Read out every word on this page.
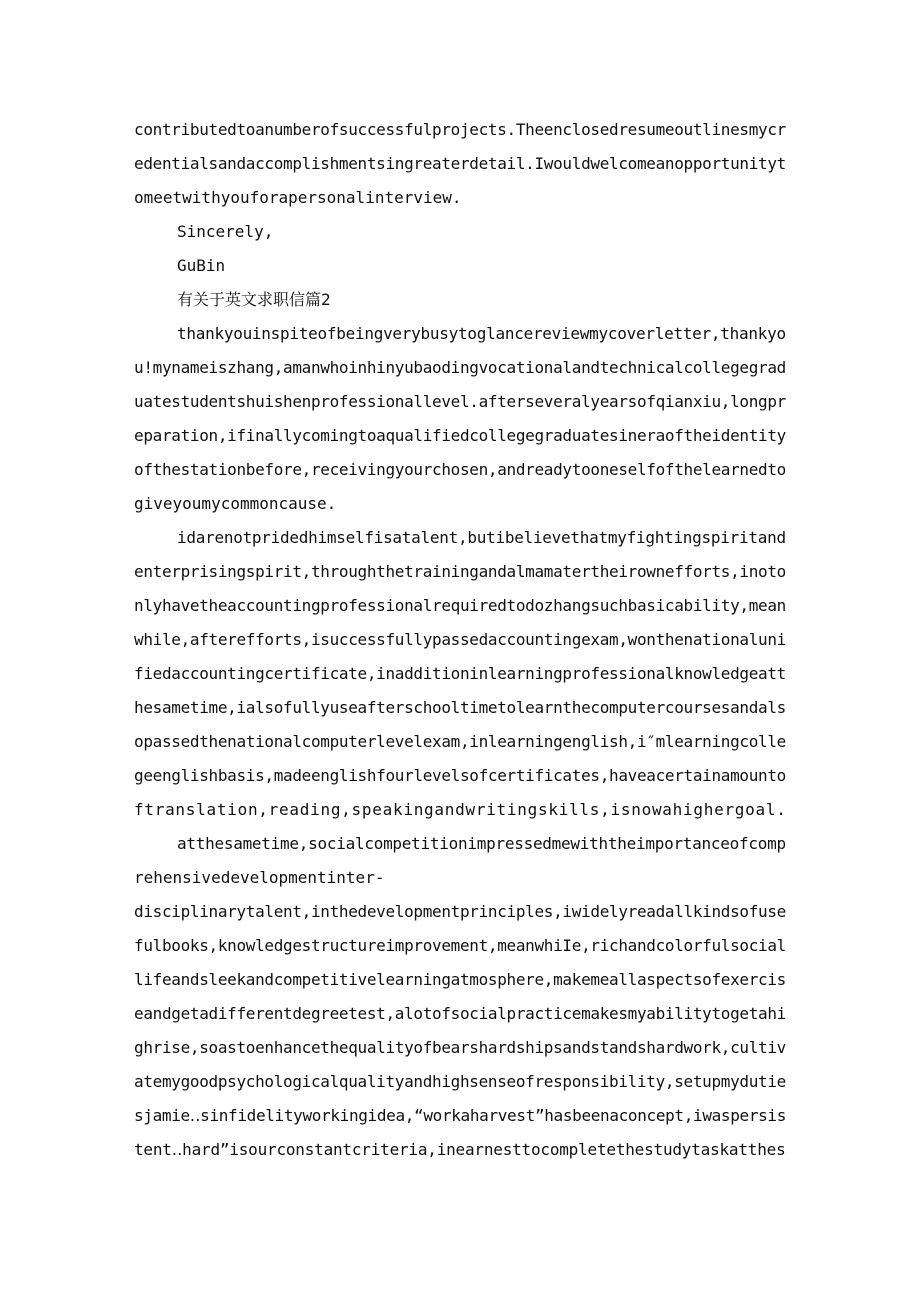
contributedtoanumberofsuccessfulprojects.Theenclosedresumeoutlinesmycr
edentialsandaccomplishmentsingreaterdetail.Iwouldwelcomeanopportunityt
omeetwithyouforapersonalinterview.
Sincerely,
GuBin
有关于英文求职信篇2
thankyouinspiteofbeingverybusytoglancereviewmycoverletter,thankyo
u!mynameiszhang,amanwhoinhinyubaodingvocationalandtechnicalcollegegrad
uatestudentshuishenprofessionallevel.afterseveralyearsofqianxiu,longpr
eparation,ifinallycomingtoaqualifiedcollegegraduatesineraoftheidentity
ofthestationbefore,receivingyourchosen,andreadytooneselfofthelearnedto
giveyoumycommoncause.
idarenotpridedhimselfisatalent,butibelievethatmyfightingspiritand
enterprisingspirit,throughthetrainingandalmamatertheirownefforts,inoto
nlyhavetheaccountingprofessionalrequiredtodozhangsuchbasicability,mean
while,afterefforts,isuccessfullypassedaccountingexam,wonthenationaluni
fiedaccountingcertificate,inadditioninlearningprofessionalknowledgeatt
hesametime,ialsofullyuseafterschooltimetolearnthecomputercoursesandals
opassedthenationalcomputerlevelexam,inlearningenglish,i″mlearningcolle
geenglishbasis,madeenglishfourlevelsofcertificates,haveacertainamounto
ftranslation,reading,speakingandwritingskills,isnowahighergoal.
atthesametime,socialcompetitionimpressedmewiththeimportanceofcomp
rehensivedevelopmentinter-
disciplinarytalent,inthedevelopmentprinciples,iwidelyreadallkindsofuse
fulbooks,knowledgestructureimprovement,meanwhiIe,richandcolorfulsocial
lifeandsleekandcompetitivelearningatmosphere,makemeallaspectsofexercis
eandgetadifferentdegreetest,alotofsocialpracticemakesmyabilitytogetahi
ghrise,soastoenhancethequalityofbearshardshipsandstandshardwork,cultiv
atemygoodpsychologicalqualityandhighsenseofresponsibility,setupmydutie
sjamie‥sinfidelityworkingidea,“workaharvest”hasbeenaconcept,iwaspersis
tent‥hard”isourconstantcriteria,inearnesttocompletethestudytaskatthes
